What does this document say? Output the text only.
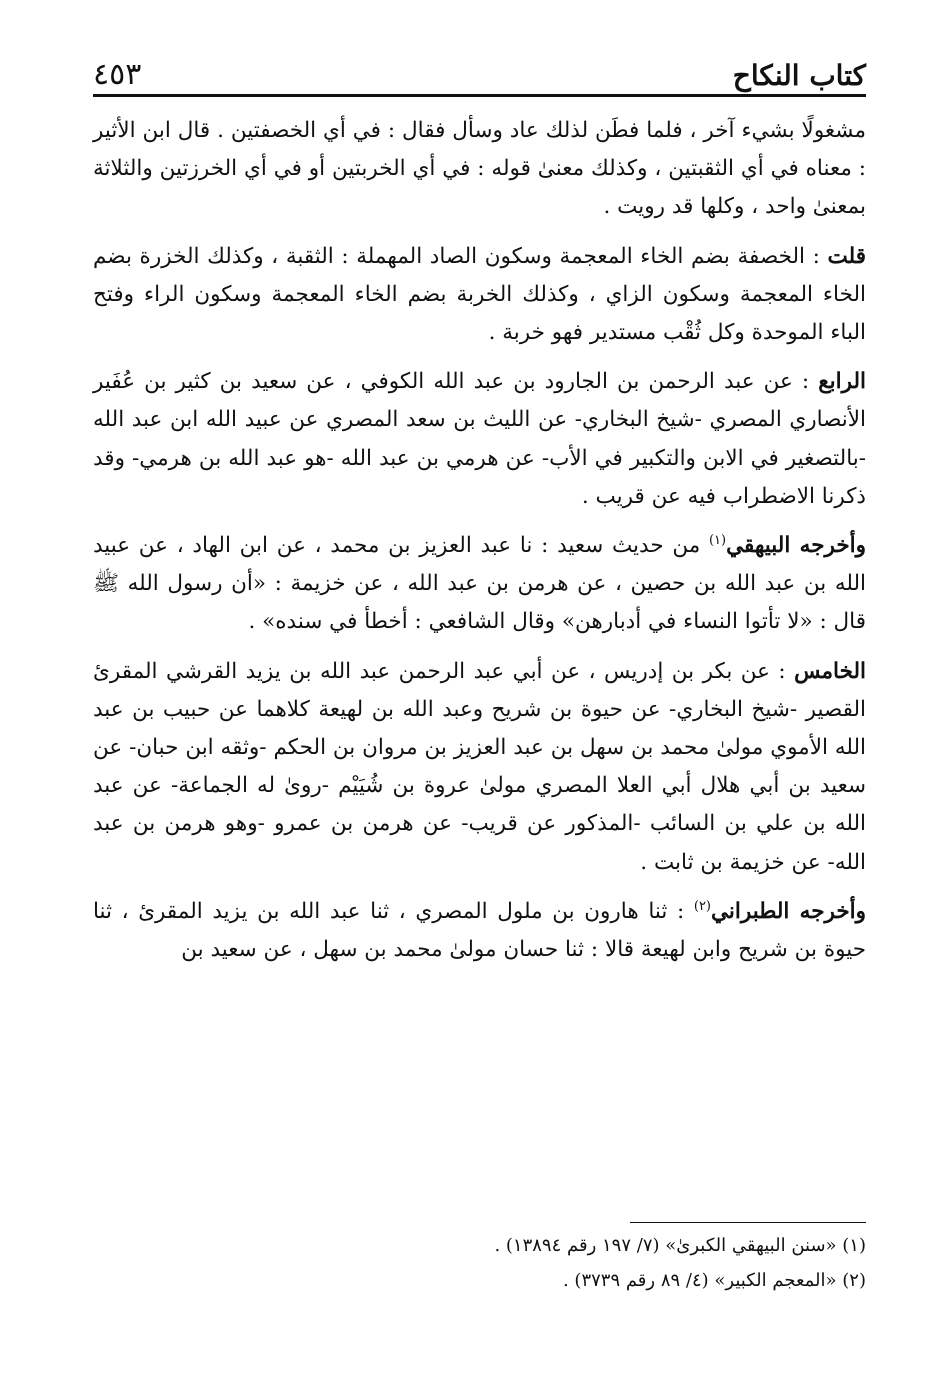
كتاب النكاح
٤٥٣

مشغولًا بشيء آخر ، فلما فطَن لذلك عاد وسأل فقال : في أي الخصفتين . قال ابن الأثير : معناه في أي الثقبتين ، وكذلك معنىٰ قوله : في أي الخربتين أو في أي الخرزتين والثلاثة بمعنىٰ واحد ، وكلها قد رويت .

قلت : الخصفة بضم الخاء المعجمة وسكون الصاد المهملة : الثقبة ، وكذلك الخزرة بضم الخاء المعجمة وسكون الزاي ، وكذلك الخربة بضم الخاء المعجمة وسكون الراء وفتح الباء الموحدة وكل ثُقْب مستدير فهو خربة .

الرابع : عن عبد الرحمن بن الجارود بن عبد الله الكوفي ، عن سعيد بن كثير بن عُفَير الأنصاري المصري -شيخ البخاري- عن الليث بن سعد المصري عن عبيد الله ابن عبد الله -بالتصغير في الابن والتكبير في الأب- عن هرمي بن عبد الله -هو عبد الله بن هرمي- وقد ذكرنا الاضطراب فيه عن قريب .

وأخرجه البيهقي$^{(١)}$ من حديث سعيد : نا عبد العزيز بن محمد ، عن ابن الهاد ، عن عبيد الله بن عبد الله بن حصين ، عن هرمن بن عبد الله ، عن خزيمة : «أن رسول الله ﷺ قال : «لا تأتوا النساء في أدبارهن» وقال الشافعي : أخطأ في سنده» .

الخامس : عن بكر بن إدريس ، عن أبي عبد الرحمن عبد الله بن يزيد القرشي المقرئ القصير -شيخ البخاري- عن حيوة بن شريح وعبد الله بن لهيعة كلاهما عن حبيب بن عبد الله الأموي مولىٰ محمد بن سهل بن عبد العزيز بن مروان بن الحكم -وثقه ابن حبان- عن سعيد بن أبي هلال أبي العلا المصري مولىٰ عروة بن شُيَيْم -روىٰ له الجماعة- عن عبد الله بن علي بن السائب -المذكور عن قريب- عن هرمن بن عمرو -وهو هرمن بن عبد الله- عن خزيمة بن ثابت .

وأخرجه الطبراني$^{(٢)}$ : ثنا هارون بن ملول المصري ، ثنا عبد الله بن يزيد المقرئ ، ثنا حيوة بن شريح وابن لهيعة قالا : ثنا حسان مولىٰ محمد بن سهل ، عن سعيد بن

(١) «سنن البيهقي الكبرىٰ» (٧/ ١٩٧ رقم ١٣٨٩٤) .

(٢) «المعجم الكبير» (٤/ ٨٩ رقم ٣٧٣٩) .
